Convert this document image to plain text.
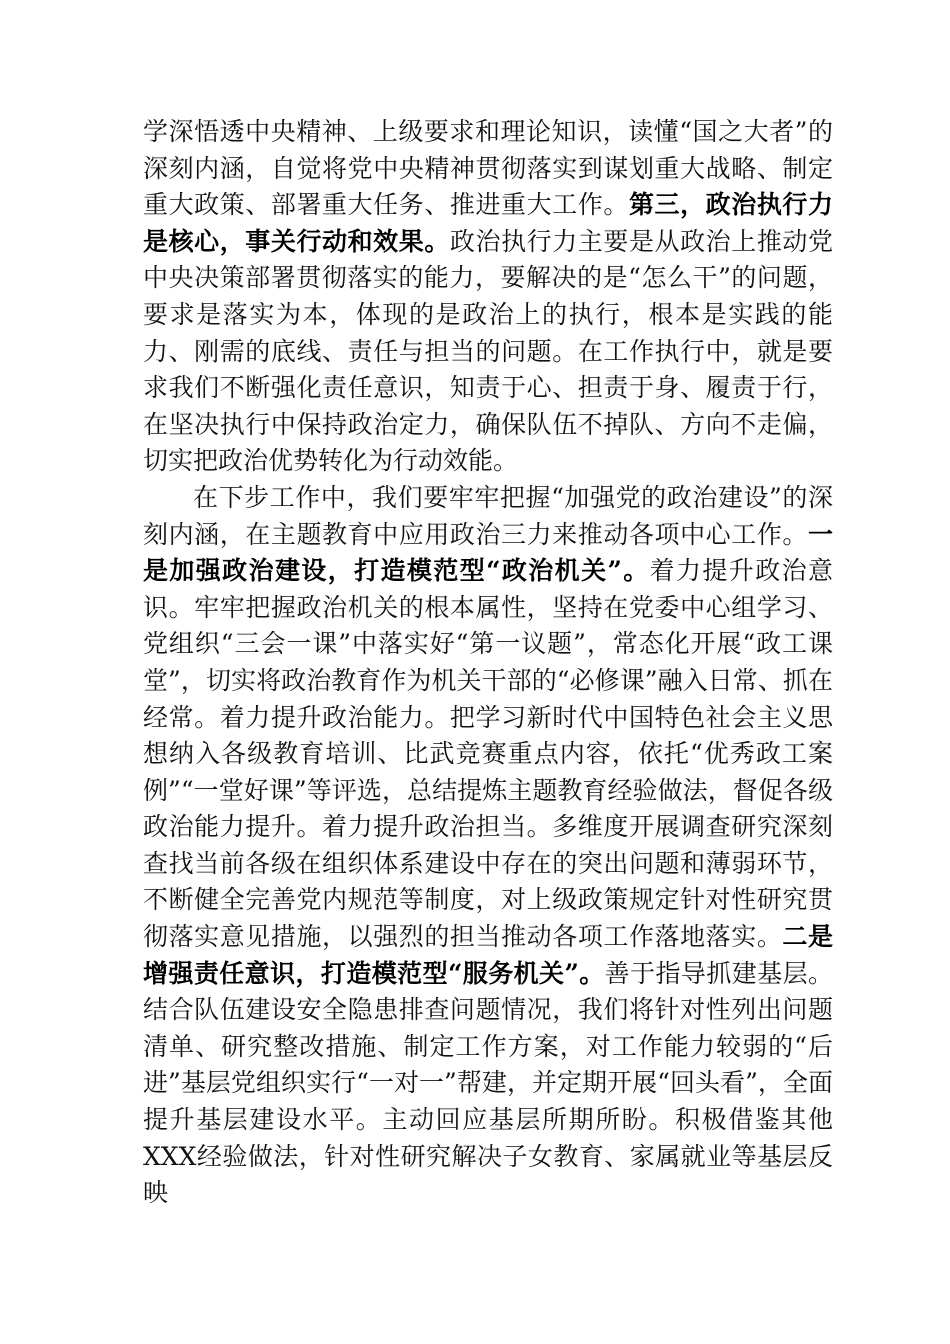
学深悟透中央精神、上级要求和理论知识，读懂“国之大者”的深刻内涵，自觉将党中央精神贯彻落实到谋划重大战略、制定重大政策、部署重大任务、推进重大工作。第三，政治执行力是核心，事关行动和效果。政治执行力主要是从政治上推动党中央决策部署贯彻落实的能力，要解决的是“怎么干”的问题，要求是落实为本，体现的是政治上的执行，根本是实践的能力、刚需的底线、责任与担当的问题。在工作执行中，就是要求我们不断强化责任意识，知责于心、担责于身、履责于行，在坚决执行中保持政治定力，确保队伍不掉队、方向不走偏，切实把政治优势转化为行动效能。

在下步工作中，我们要牢牢把握“加强党的政治建设”的深刻内涵，在主题教育中应用政治三力来推动各项中心工作。一是加强政治建设，打造模范型“政治机关”。着力提升政治意识。牢牢把握政治机关的根本属性，坚持在党委中心组学习、党组织“三会一课”中落实好“第一议题”，常态化开展“政工课堂”，切实将政治教育作为机关干部的“必修课”融入日常、抓在经常。着力提升政治能力。把学习新时代中国特色社会主义思想纳入各级教育培训、比武竞赛重点内容，依托“优秀政工案例”“一堂好课”等评选，总结提炼主题教育经验做法，督促各级政治能力提升。着力提升政治担当。多维度开展调查研究深刻查找当前各级在组织体系建设中存在的突出问题和薄弱环节，不断健全完善党内规范等制度，对上级政策规定针对性研究贯彻落实意见措施，以强烈的担当推动各项工作落地落实。二是增强责任意识，打造模范型“服务机关”。善于指导抓建基层。结合队伍建设安全隐患排查问题情况，我们将针对性列出问题清单、研究整改措施、制定工作方案，对工作能力较弱的“后进”基层党组织实行“一对一”帮建，并定期开展“回头看”，全面提升基层建设水平。主动回应基层所期所盼。积极借鉴其他XXX经验做法，针对性研究解决子女教育、家属就业等基层反映
